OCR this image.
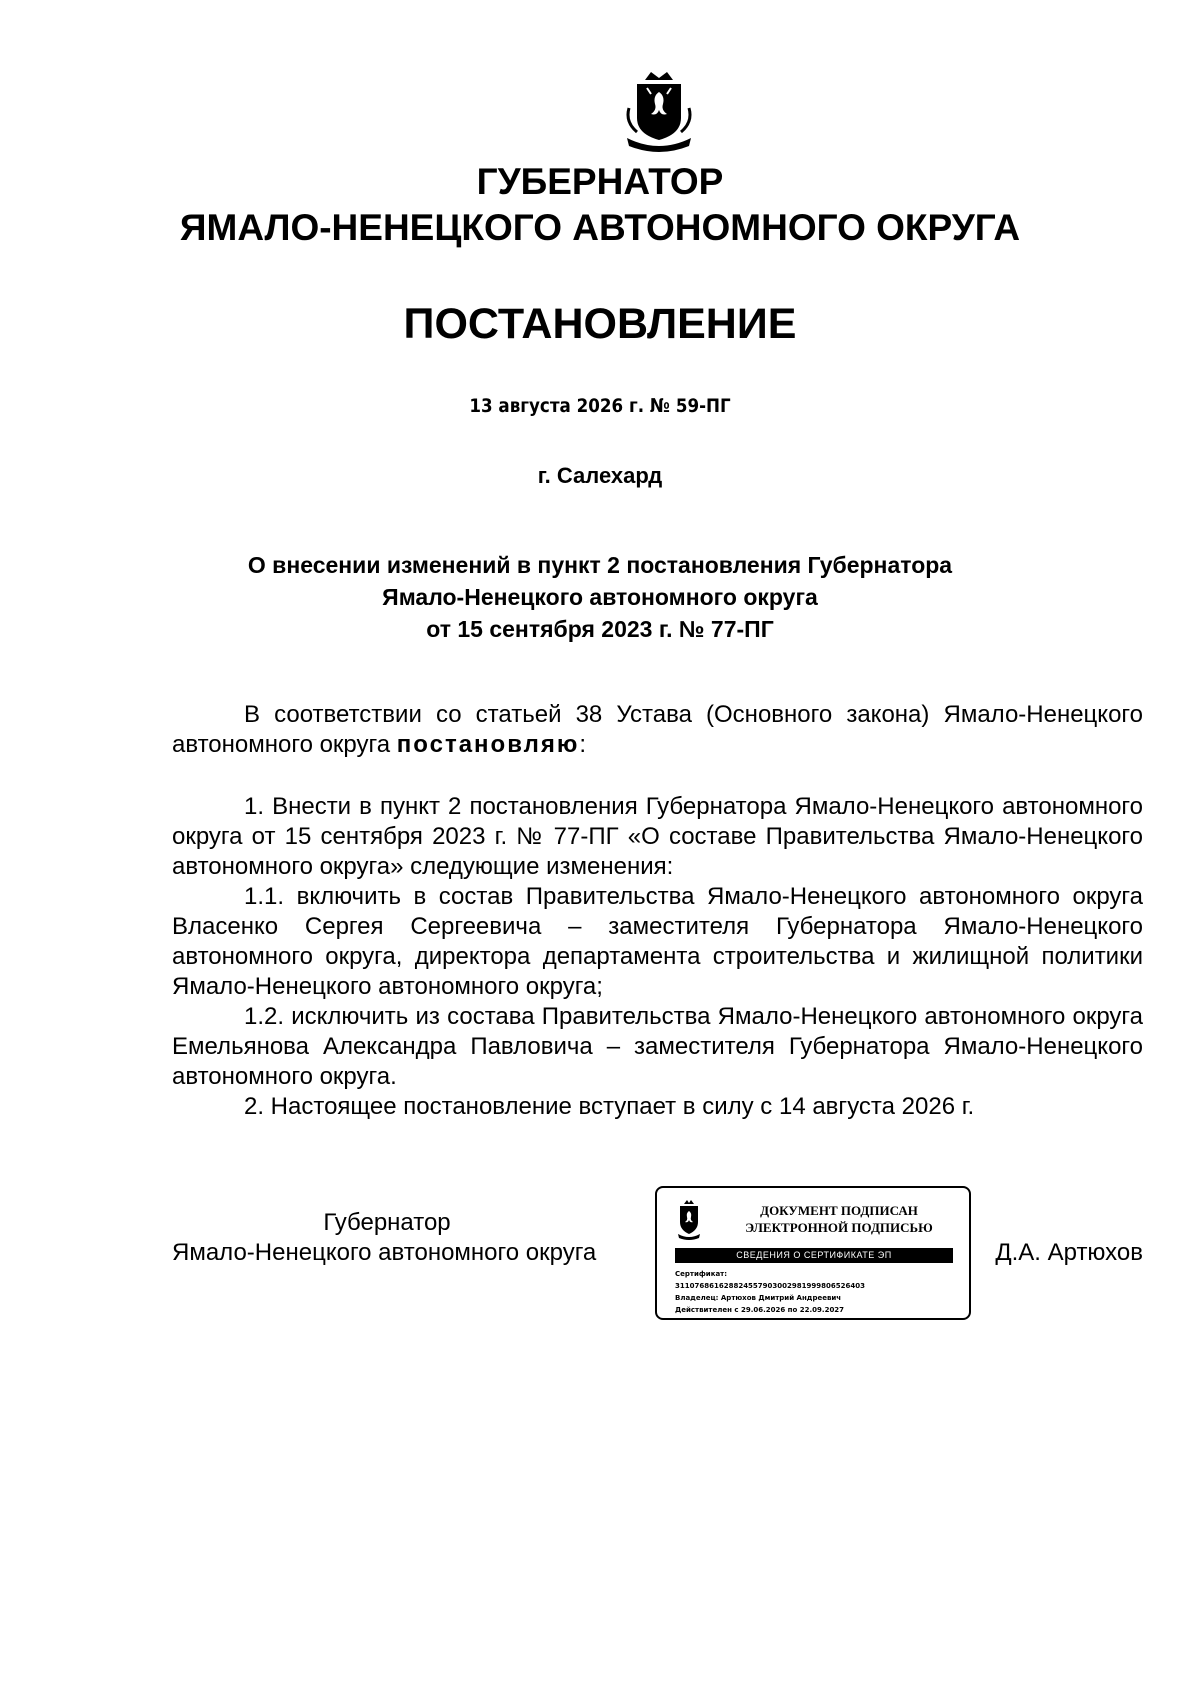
ГУБЕРНАТОР
ЯМАЛО-НЕНЕЦКОГО АВТОНОМНОГО ОКРУГА
ПОСТАНОВЛЕНИЕ
13 августа 2026 г. № 59-ПГ
г. Салехард
О внесении изменений в пункт 2 постановления Губернатора
Ямало-Ненецкого автономного округа
от 15 сентября 2023 г. № 77-ПГ

В соответствии со статьей 38 Устава (Основного закона) Ямало-Ненецкого автономного округа постановляю:

1. Внести в пункт 2 постановления Губернатора Ямало-Ненецкого автономного округа от 15 сентября 2023 г. № 77-ПГ «О составе Правительства Ямало-Ненецкого автономного округа» следующие изменения:

1.1. включить в состав Правительства Ямало-Ненецкого автономного округа Власенко Сергея Сергеевича – заместителя Губернатора Ямало-Ненецкого автономного округа, директора департамента строительства и жилищной политики Ямало-Ненецкого автономного округа;

1.2. исключить из состава Правительства Ямало-Ненецкого автономного округа Емельянова Александра Павловича – заместителя Губернатора Ямало-Ненецкого автономного округа.

2. Настоящее постановление вступает в силу с 14 августа 2026 г.

Губернатор
Ямало-Ненецкого автономного округа
ДОКУМЕНТ ПОДПИСАН
ЭЛЕКТРОННОЙ ПОДПИСЬЮ
СВЕДЕНИЯ О СЕРТИФИКАТЕ ЭП
Сертификат:
311076861628824557903002981999806526403
Владелец: Артюхов Дмитрий Андреевич
Действителен с 29.06.2026 по 22.09.2027
Д.А. Артюхов
